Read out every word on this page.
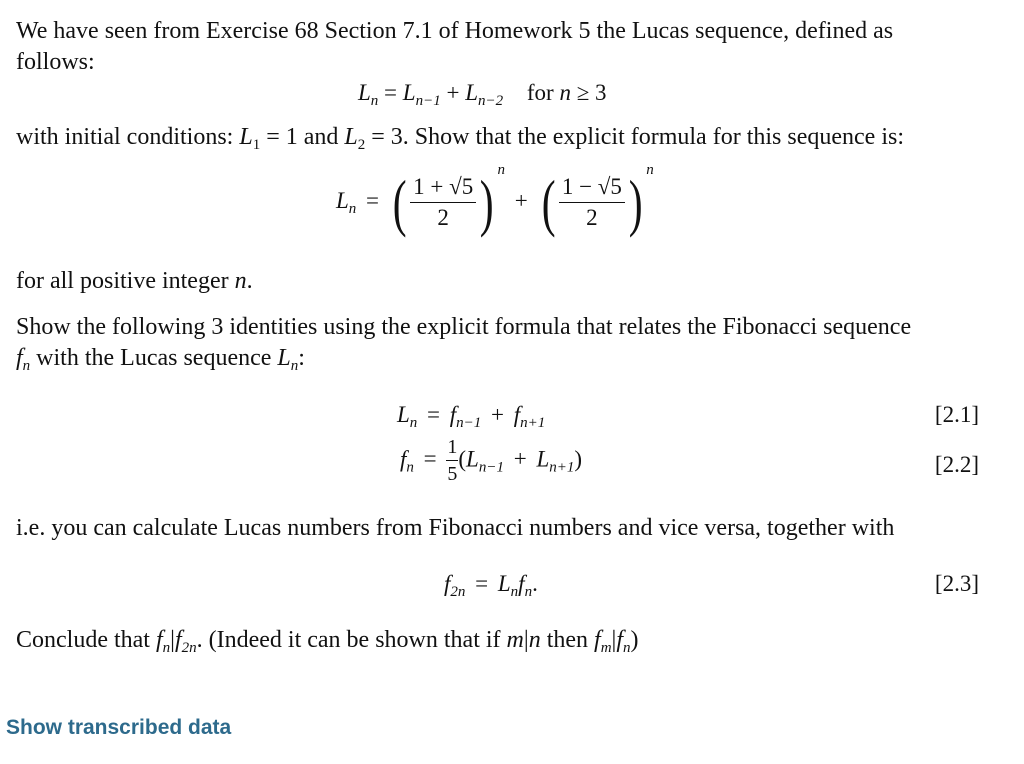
We have seen from Exercise 68 Section 7.1 of Homework 5 the Lucas sequence, defined as
follows:
$L_n = L_{n-1} + L_{n-2}$ for n ≥ 3
with initial conditions: $L_1 = 1$ and $L_2 = 3$. Show that the explicit formula for this sequence is:
$L_n$ = ( $\frac{1 + √5}{2}$ ) $^n$ + ( $\frac{1 - √5}{2}$ ) $^n$
for all positive integer n.
Show the following 3 identities using the explicit formula that relates the Fibonacci sequence
$f_n$ with the Lucas sequence $L_n$:
$L_n = f_{n-1} + f_{n+1}$	[2.1]
$f_n = \frac{1}{5} (L_{n-1} + L_{n+1})$	[2.2]
i.e. you can calculate Lucas numbers from Fibonacci numbers and vice versa, together with
$f_{2n} = L_nf_n$.	[2.3]
Conclude that $f_n|f_{2n}$. (Indeed it can be shown that if m|n then $f_m|f_n$)
Show transcribed data
